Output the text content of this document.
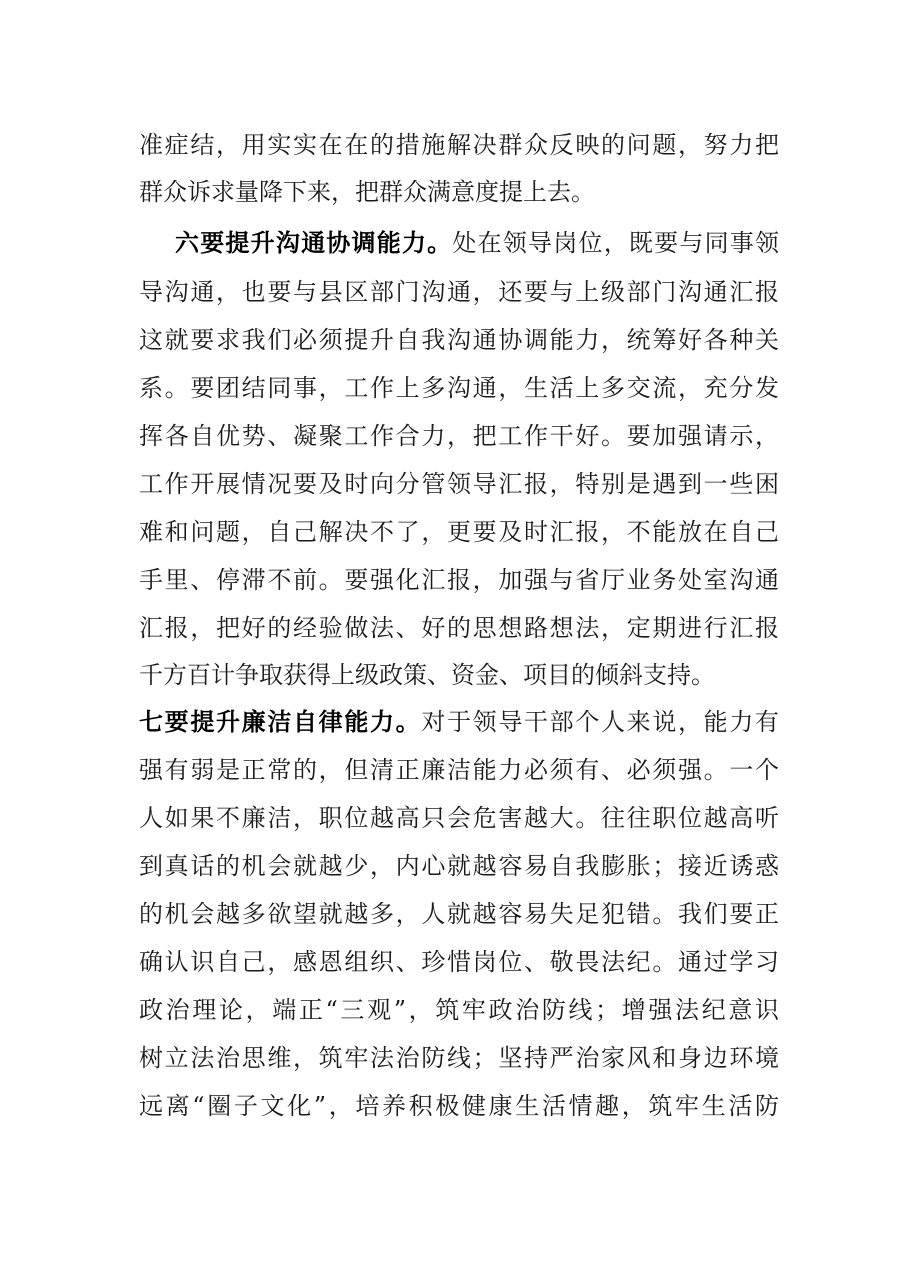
准症结，用实实在在的措施解决群众反映的问题，努力把
群众诉求量降下来，把群众满意度提上去。
六要提升沟通协调能力。处在领导岗位，既要与同事领
导沟通，也要与县区部门沟通，还要与上级部门沟通汇报
这就要求我们必须提升自我沟通协调能力，统筹好各种关
系。要团结同事，工作上多沟通，生活上多交流，充分发
挥各自优势、凝聚工作合力，把工作干好。要加强请示，
工作开展情况要及时向分管领导汇报，特别是遇到一些困
难和问题，自己解决不了，更要及时汇报，不能放在自己
手里、停滞不前。要强化汇报，加强与省厅业务处室沟通
汇报，把好的经验做法、好的思想路想法，定期进行汇报
千方百计争取获得上级政策、资金、项目的倾斜支持。
七要提升廉洁自律能力。对于领导干部个人来说，能力有
强有弱是正常的，但清正廉洁能力必须有、必须强。一个
人如果不廉洁，职位越高只会危害越大。往往职位越高听
到真话的机会就越少，内心就越容易自我膨胀；接近诱惑
的机会越多欲望就越多，人就越容易失足犯错。我们要正
确认识自己，感恩组织、珍惜岗位、敬畏法纪。通过学习
政治理论，端正“三观”，筑牢政治防线；增强法纪意识
树立法治思维，筑牢法治防线；坚持严治家风和身边环境
远离“圈子文化”，培养积极健康生活情趣，筑牢生活防
